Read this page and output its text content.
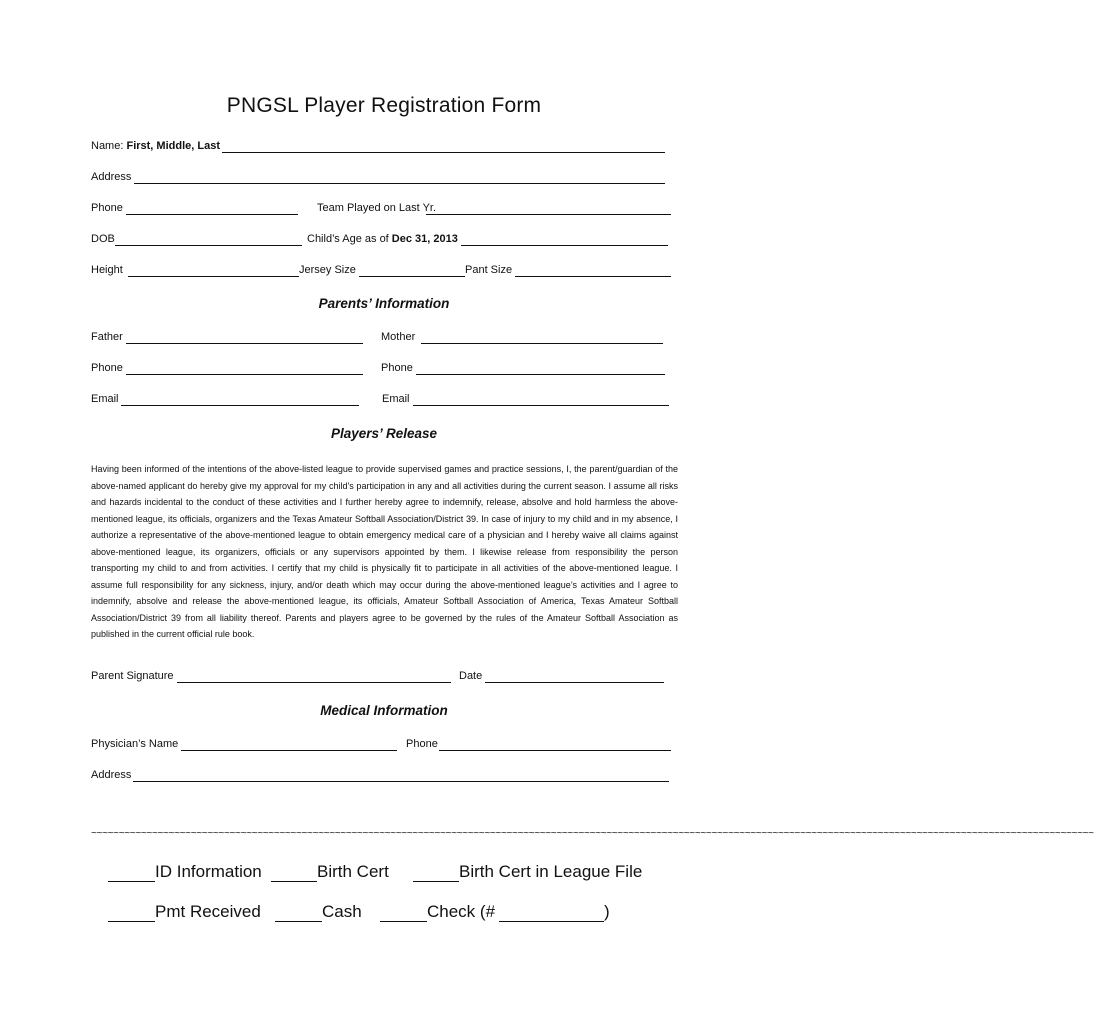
PNGSL Player Registration Form
Name: First, Middle, Last
Address
Phone	Team Played on Last Yr.
DOB	Child’s Age as of Dec 31, 2013
Height	Jersey Size	Pant Size
Parents’ Information
Father	Mother
Phone	Phone
Email	Email
Players’ Release
Having been informed of the intentions of the above-listed league to provide supervised games and practice sessions, I, the parent/guardian of the above-named applicant do hereby give my approval for my child’s participation in any and all activities during the current season. I assume all risks and hazards incidental to the conduct of these activities and I further hereby agree to indemnify, release, absolve and hold harmless the above-mentioned league, its officials, organizers and the Texas Amateur Softball Association/District 39. In case of injury to my child and in my absence, I authorize a representative of the above-mentioned league to obtain emergency medical care of a physician and I hereby waive all claims against above-mentioned league, its organizers, officials or any supervisors appointed by them. I likewise release from responsibility the person transporting my child to and from activities. I certify that my child is physically fit to participate in all activities of the above-mentioned league. I assume full responsibility for any sickness, injury, and/or death which may occur during the above-mentioned league’s activities and I agree to indemnify, absolve and release the above-mentioned league, its officials, Amateur Softball Association of America, Texas Amateur Softball Association/District 39 from all liability thereof. Parents and players agree to be governed by the rules of the Amateur Softball Association as published in the current official rule book.
Parent Signature	Date
Medical Information
Physician’s Name	Phone
Address
~~~~~~~~~~~~~~~~~~~~~~~~~~~~~~~~~~~~~~~~~~~~~~~~~~~~~~~~~~~~~~~~~~~~~~~~~~~~~~~~~~~~~~~~~~~~~~~~~~~~~~~~~~~~~~~~~~~~~~~~~~~~~~~~~~~~~~~~~~~~~~~~~~~~~~~~~~~~~~~~~~~~~~~~~~~~~~~~~~~~~
ID Information	Birth Cert	Birth Cert in League File
Pmt Received	Cash	Check (#	)
